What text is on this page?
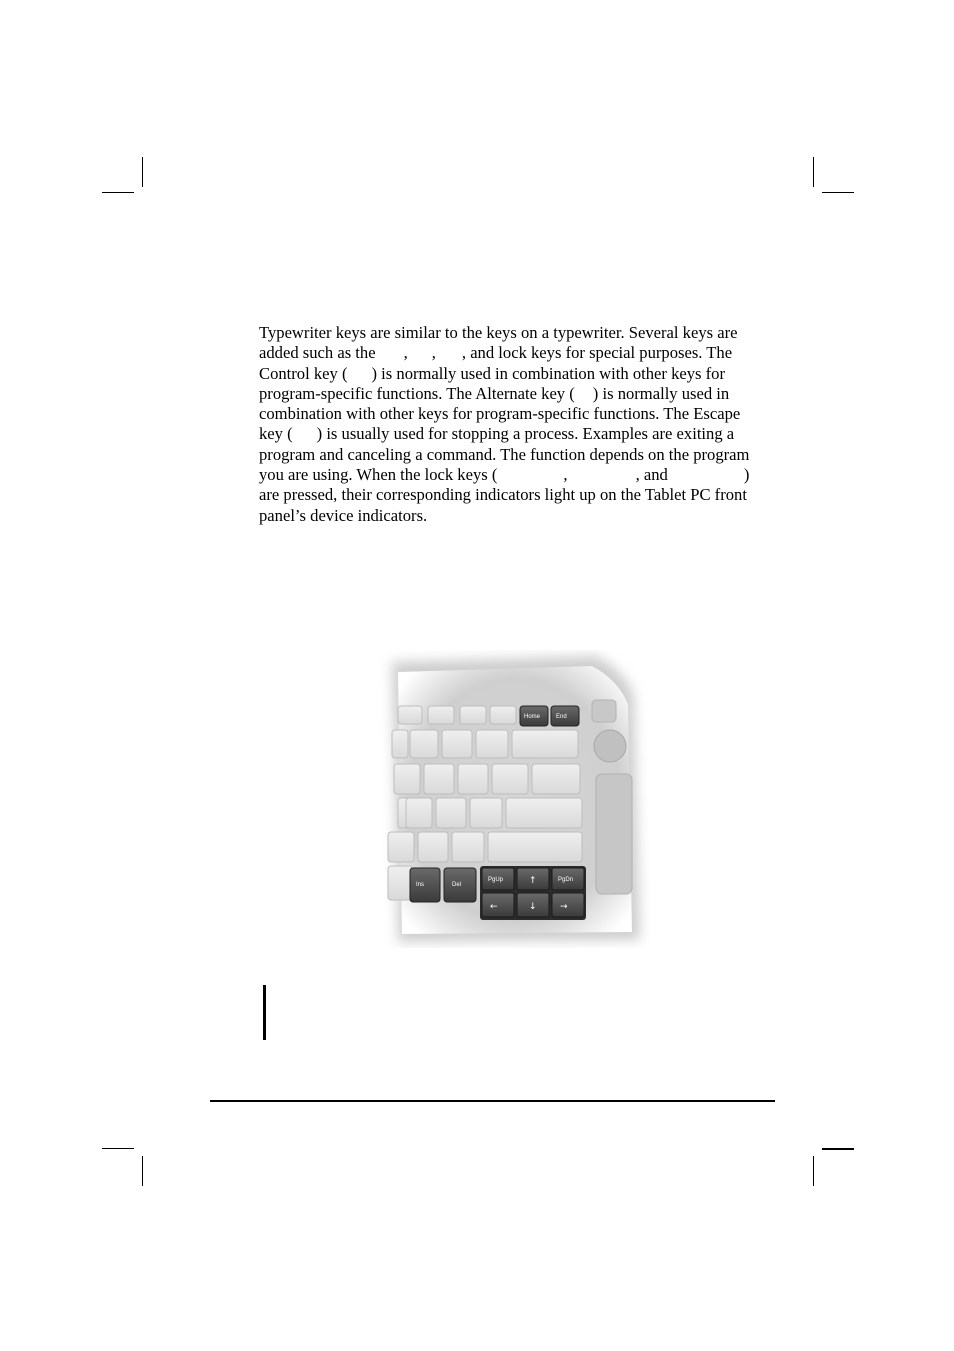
Typewriter keys are similar to the keys on a typewriter. Several keys are
added such as the , , , and lock keys for special purposes. The
Control key ( ) is normally used in combination with other keys for
program-specific functions. The Alternate key ( ) is normally used in
combination with other keys for program-specific functions. The Escape
key ( ) is usually used for stopping a process. Examples are exiting a
program and canceling a command. The function depends on the program
you are using. When the lock keys (	,	, and	)
are pressed, their corresponding indicators light up on the Tablet PC front
panel’s device indicators.

Home	End
Ins	Del
PgUp	↑	PgDn
←	↓	→
